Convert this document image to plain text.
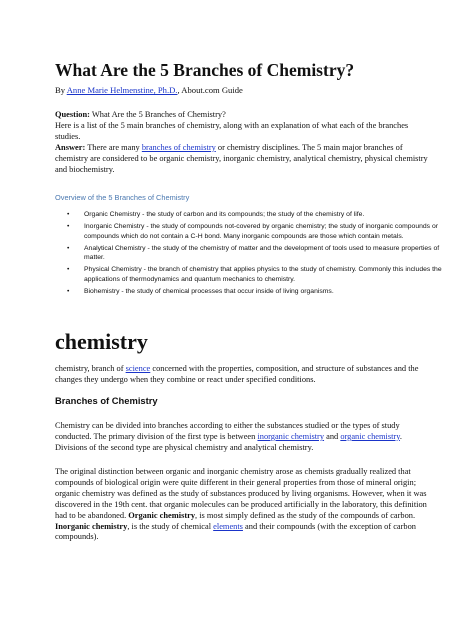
What Are the 5 Branches of Chemistry?
By Anne Marie Helmenstine, Ph.D., About.com Guide

Question: What Are the 5 Branches of Chemistry?

Here is a list of the 5 main branches of chemistry, along with an explanation of what each of the branches studies.

Answer: There are many branches of chemistry or chemistry disciplines. The 5 main major branches of chemistry are considered to be organic chemistry, inorganic chemistry, analytical chemistry, physical chemistry and biochemistry.

Overview of the 5 Branches of Chemistry
• Organic Chemistry - the study of carbon and its compounds; the study of the chemistry of life.
• Inorganic Chemistry - the study of compounds not-covered by organic chemistry; the study of inorganic compounds or compounds which do not contain a C-H bond. Many inorganic compounds are those which contain metals.
• Analytical Chemistry - the study of the chemistry of matter and the development of tools used to measure properties of matter.
• Physical Chemistry - the branch of chemistry that applies physics to the study of chemistry. Commonly this includes the applications of thermodynamics and quantum mechanics to chemistry.
• Biohemistry - the study of chemical processes that occur inside of living organisms.
chemistry

chemistry, branch of science concerned with the properties, composition, and structure of substances and the changes they undergo when they combine or react under specified conditions.

Branches of Chemistry

Chemistry can be divided into branches according to either the substances studied or the types of study conducted. The primary division of the first type is between inorganic chemistry and organic chemistry. Divisions of the second type are physical chemistry and analytical chemistry.

The original distinction between organic and inorganic chemistry arose as chemists gradually realized that compounds of biological origin were quite different in their general properties from those of mineral origin; organic chemistry was defined as the study of substances produced by living organisms. However, when it was discovered in the 19th cent. that organic molecules can be produced artificially in the laboratory, this definition had to be abandoned. Organic chemistry, is most simply defined as the study of the compounds of carbon. Inorganic chemistry, is the study of chemical elements and their compounds (with the exception of carbon compounds).
